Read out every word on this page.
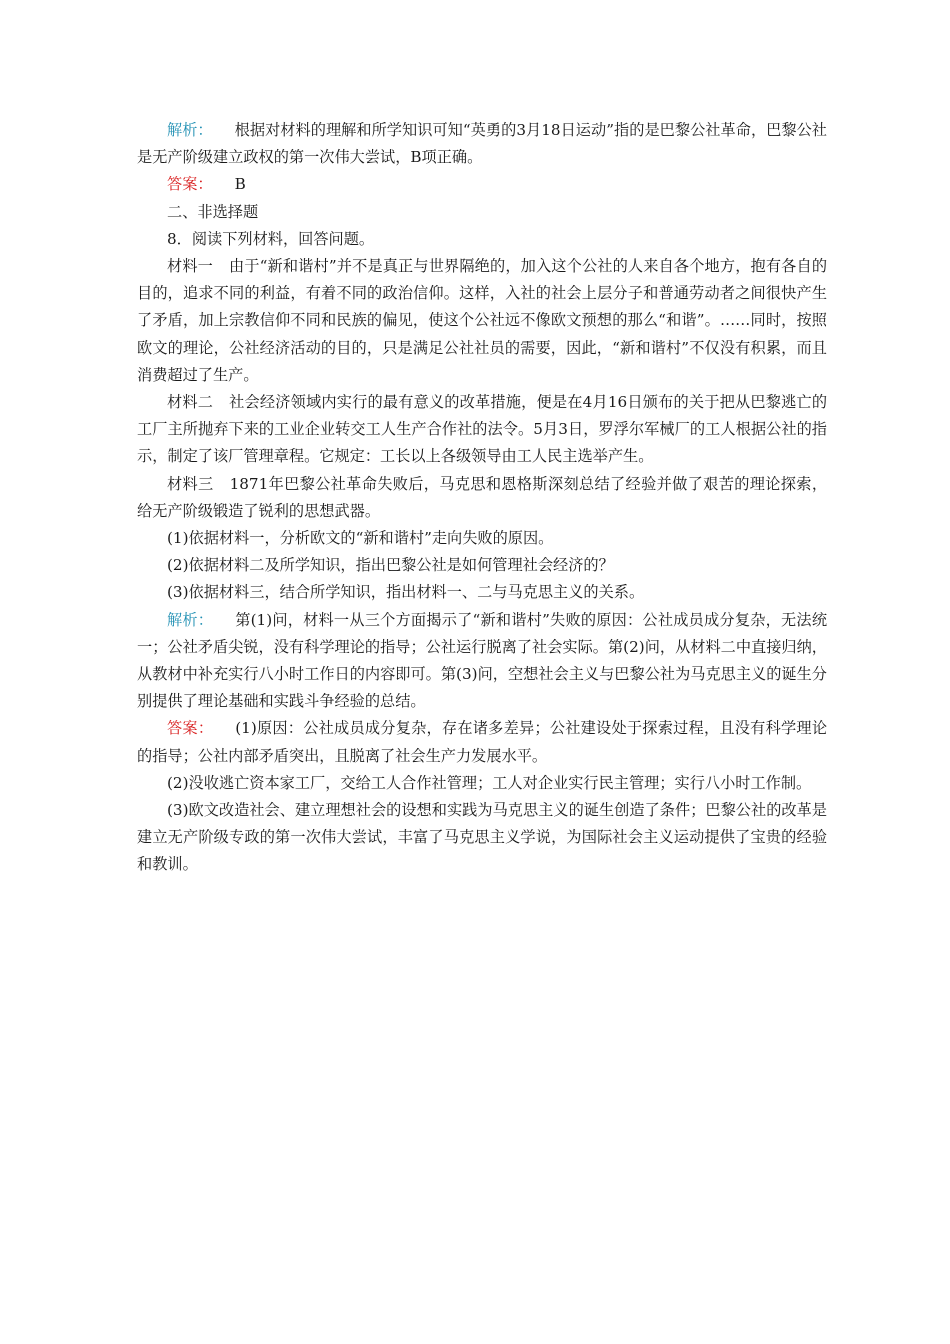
解析： 根据对材料的理解和所学知识可知“英勇的3月18日运动”指的是巴黎公社革命，巴黎公社是无产阶级建立政权的第一次伟大尝试，B项正确。

答案： B

二、非选择题

8．阅读下列材料，回答问题。

材料一 由于“新和谐村”并不是真正与世界隔绝的，加入这个公社的人来自各个地方，抱有各自的目的，追求不同的利益，有着不同的政治信仰。这样，入社的社会上层分子和普通劳动者之间很快产生了矛盾，加上宗教信仰不同和民族的偏见，使这个公社远不像欧文预想的那么“和谐”。……同时，按照欧文的理论，公社经济活动的目的，只是满足公社社员的需要，因此，“新和谐村”不仅没有积累，而且消费超过了生产。

材料二 社会经济领域内实行的最有意义的改革措施，便是在4月16日颁布的关于把从巴黎逃亡的工厂主所抛弃下来的工业企业转交工人生产合作社的法令。5月3日，罗浮尔军械厂的工人根据公社的指示，制定了该厂管理章程。它规定：工长以上各级领导由工人民主选举产生。

材料三 1871年巴黎公社革命失败后，马克思和恩格斯深刻总结了经验并做了艰苦的理论探索，给无产阶级锻造了锐利的思想武器。

(1)依据材料一，分析欧文的“新和谐村”走向失败的原因。

(2)依据材料二及所学知识，指出巴黎公社是如何管理社会经济的？

(3)依据材料三，结合所学知识，指出材料一、二与马克思主义的关系。

解析： 第(1)问，材料一从三个方面揭示了“新和谐村”失败的原因：公社成员成分复杂，无法统一；公社矛盾尖锐，没有科学理论的指导；公社运行脱离了社会实际。第(2)问，从材料二中直接归纳，从教材中补充实行八小时工作日的内容即可。第(3)问，空想社会主义与巴黎公社为马克思主义的诞生分别提供了理论基础和实践斗争经验的总结。

答案： (1)原因：公社成员成分复杂，存在诸多差异；公社建设处于探索过程，且没有科学理论的指导；公社内部矛盾突出，且脱离了社会生产力发展水平。

(2)没收逃亡资本家工厂，交给工人合作社管理；工人对企业实行民主管理；实行八小时工作制。

(3)欧文改造社会、建立理想社会的设想和实践为马克思主义的诞生创造了条件；巴黎公社的改革是建立无产阶级专政的第一次伟大尝试，丰富了马克思主义学说，为国际社会主义运动提供了宝贵的经验和教训。
